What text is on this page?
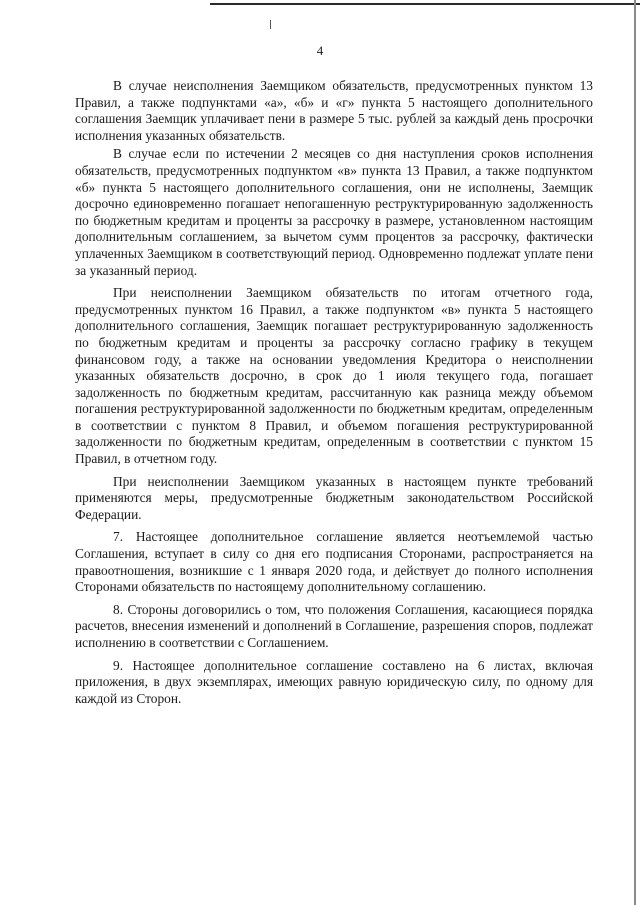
4

В случае неисполнения Заемщиком обязательств, предусмотренных пунктом 13 Правил, а также подпунктами «а», «б» и «г» пункта 5 настоящего дополнительного соглашения Заемщик уплачивает пени в размере 5 тыс. рублей за каждый день просрочки исполнения указанных обязательств.

В случае если по истечении 2 месяцев со дня наступления сроков исполнения обязательств, предусмотренных подпунктом «в» пункта 13 Правил, а также подпунктом «б» пункта 5 настоящего дополнительного соглашения, они не исполнены, Заемщик досрочно единовременно погашает непогашенную реструктурированную задолженность по бюджетным кредитам и проценты за рассрочку в размере, установленном настоящим дополнительным соглашением, за вычетом сумм процентов за рассрочку, фактически уплаченных Заемщиком в соответствующий период. Одновременно подлежат уплате пени за указанный период.

При неисполнении Заемщиком обязательств по итогам отчетного года, предусмотренных пунктом 16 Правил, а также подпунктом «в» пункта 5 настоящего дополнительного соглашения, Заемщик погашает реструктурированную задолженность по бюджетным кредитам и проценты за рассрочку согласно графику в текущем финансовом году, а также на основании уведомления Кредитора о неисполнении указанных обязательств досрочно, в срок до 1 июля текущего года, погашает задолженность по бюджетным кредитам, рассчитанную как разница между объемом погашения реструктурированной задолженности по бюджетным кредитам, определенным в соответствии с пунктом 8 Правил, и объемом погашения реструктурированной задолженности по бюджетным кредитам, определенным в соответствии с пунктом 15 Правил, в отчетном году.

При неисполнении Заемщиком указанных в настоящем пункте требований применяются меры, предусмотренные бюджетным законодательством Российской Федерации.

7. Настоящее дополнительное соглашение является неотъемлемой частью Соглашения, вступает в силу со дня его подписания Сторонами, распространяется на правоотношения, возникшие с 1 января 2020 года, и действует до полного исполнения Сторонами обязательств по настоящему дополнительному соглашению.

8. Стороны договорились о том, что положения Соглашения, касающиеся порядка расчетов, внесения изменений и дополнений в Соглашение, разрешения споров, подлежат исполнению в соответствии с Соглашением.

9. Настоящее дополнительное соглашение составлено на 6 листах, включая приложения, в двух экземплярах, имеющих равную юридическую силу, по одному для каждой из Сторон.
